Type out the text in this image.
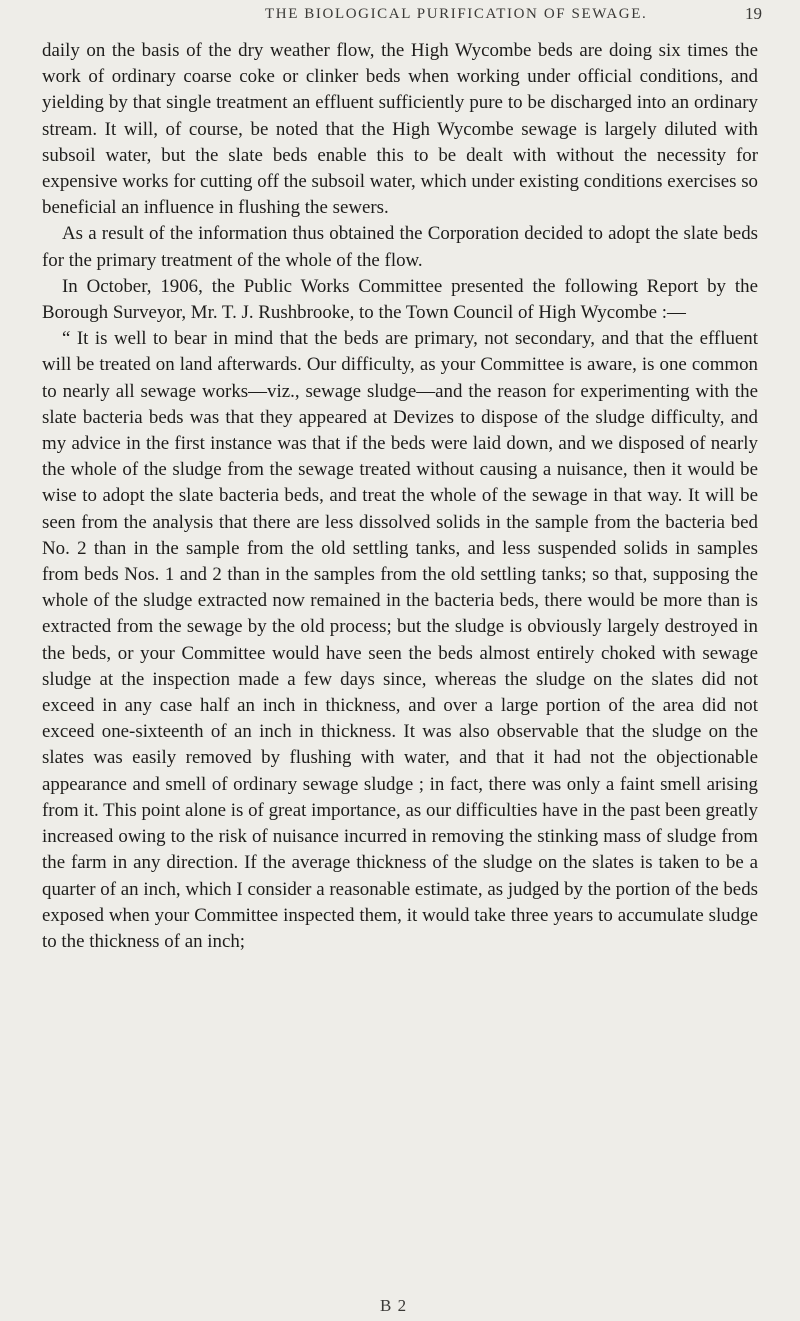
THE BIOLOGICAL PURIFICATION OF SEWAGE.	19

daily on the basis of the dry weather flow, the High Wycombe beds are doing six times the work of ordinary coarse coke or clinker beds when working under official conditions, and yielding by that single treatment an effluent sufficiently pure to be discharged into an ordinary stream. It will, of course, be noted that the High Wycombe sewage is largely diluted with subsoil water, but the slate beds enable this to be dealt with without the necessity for expensive works for cutting off the subsoil water, which under existing conditions exercises so beneficial an influence in flushing the sewers.

As a result of the information thus obtained the Corporation decided to adopt the slate beds for the primary treatment of the whole of the flow.

In October, 1906, the Public Works Committee presented the following Report by the Borough Surveyor, Mr. T. J. Rushbrooke, to the Town Council of High Wycombe :—

“ It is well to bear in mind that the beds are primary, not secondary, and that the effluent will be treated on land afterwards. Our difficulty, as your Committee is aware, is one common to nearly all sewage works—viz., sewage sludge—and the reason for experimenting with the slate bacteria beds was that they appeared at Devizes to dispose of the sludge difficulty, and my advice in the first instance was that if the beds were laid down, and we disposed of nearly the whole of the sludge from the sewage treated without causing a nuisance, then it would be wise to adopt the slate bacteria beds, and treat the whole of the sewage in that way. It will be seen from the analysis that there are less dissolved solids in the sample from the bacteria bed No. 2 than in the sample from the old settling tanks, and less suspended solids in samples from beds Nos. 1 and 2 than in the samples from the old settling tanks; so that, supposing the whole of the sludge extracted now remained in the bacteria beds, there would be more than is extracted from the sewage by the old process; but the sludge is obviously largely destroyed in the beds, or your Committee would have seen the beds almost entirely choked with sewage sludge at the inspection made a few days since, whereas the sludge on the slates did not exceed in any case half an inch in thickness, and over a large portion of the area did not exceed one-sixteenth of an inch in thickness. It was also observable that the sludge on the slates was easily removed by flushing with water, and that it had not the objectionable appearance and smell of ordinary sewage sludge ; in fact, there was only a faint smell arising from it. This point alone is of great importance, as our difficulties have in the past been greatly increased owing to the risk of nuisance incurred in removing the stinking mass of sludge from the farm in any direction. If the average thickness of the sludge on the slates is taken to be a quarter of an inch, which I consider a reasonable estimate, as judged by the portion of the beds exposed when your Committee inspected them, it would take three years to accumulate sludge to the thickness of an inch;

B 2
